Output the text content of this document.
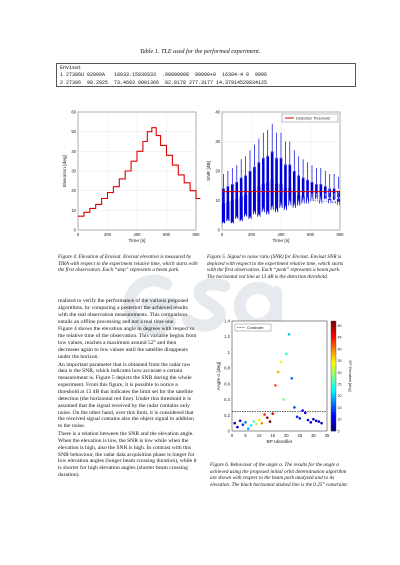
Table 1. TLE used for the performed experiment.
Envisat
1 27386U 02009A   18033.15936933  .00000008  00000+0  16304-4 0  9996
2 27386  98.2025  73.4603 0001366  82.8178 277.3177 14.37914520834125
0	200	400	600	800
0
10
20
30
40
50
60
Time [s]
Elevation [deg]
Figure 4. Elevation of Envisat. Envisat elevation is measured by TIRA with respect to the experiment relative time, which starts with the first observation. Each “step” represents a beam park.
0	200	400	600	800
0
10
20
30
40
Time [s]
SNR [dB]
Detection Threshold
Figure 5. Signal to noise ratio (SNR) for Envisat. Envisat SNR is depicted with respect to the experiment relative time, which starts with the first observation. Each “peak” represents a beam park. The horizontal red line at 13 dB is the detection threshold.

realized to verify the performance of the various proposed algorithms, by comparing a posteriori the achieved results with the real observation measurements. This comparison entails an offline processing and not a real time one.

Figure 4 shows the elevation angle in degrees with respect to the relative time of the observation. This variable begins from low values, reaches a maximum around 52° and then decreases again to low values until the satellite disappears under the horizon.

An important parameter that is obtained from the radar raw data is the SNR, which indicates how accurate a certain measurement is. Figure 5 depicts the SNR during the whole experiment. From this figure, it is possible to notice a threshold at 13 dB that indicates the limit set for the satellite detection (the horizontal red line). Under this threshold it is assumed that the signal received by the radar contains only noise. On the other hand, over this limit, it is considered that the received signal contains also the object signal in addition to the noise.

There is a relation between the SNR and the elevation angle. When the elevation is low, the SNR is low while when the elevation is high, also the SNR is high. In contrast with this SNR behaviour, the radar data acquisition phase is longer for low elevation angles (longer beam crossing duration), while it is shorter for high elevation angles (shorter beam crossing duration).

0	5 10 15 20 25 30 35
0
0.2
0.4
0.6
0.8
1
1.2
1.4
BP Identifier
Angle α [deg]
Constraint
5
10
15
20
25
30
35
40
45
50
BP Elevation [deg]
Figure 6. Behaviour of the angle α. The results for the angle α achieved using the proposed initial orbit determination algorithm are shown with respect to the beam park analyzed and to its elevation. The black horizontal dashed line is the 0.25° constraint.
